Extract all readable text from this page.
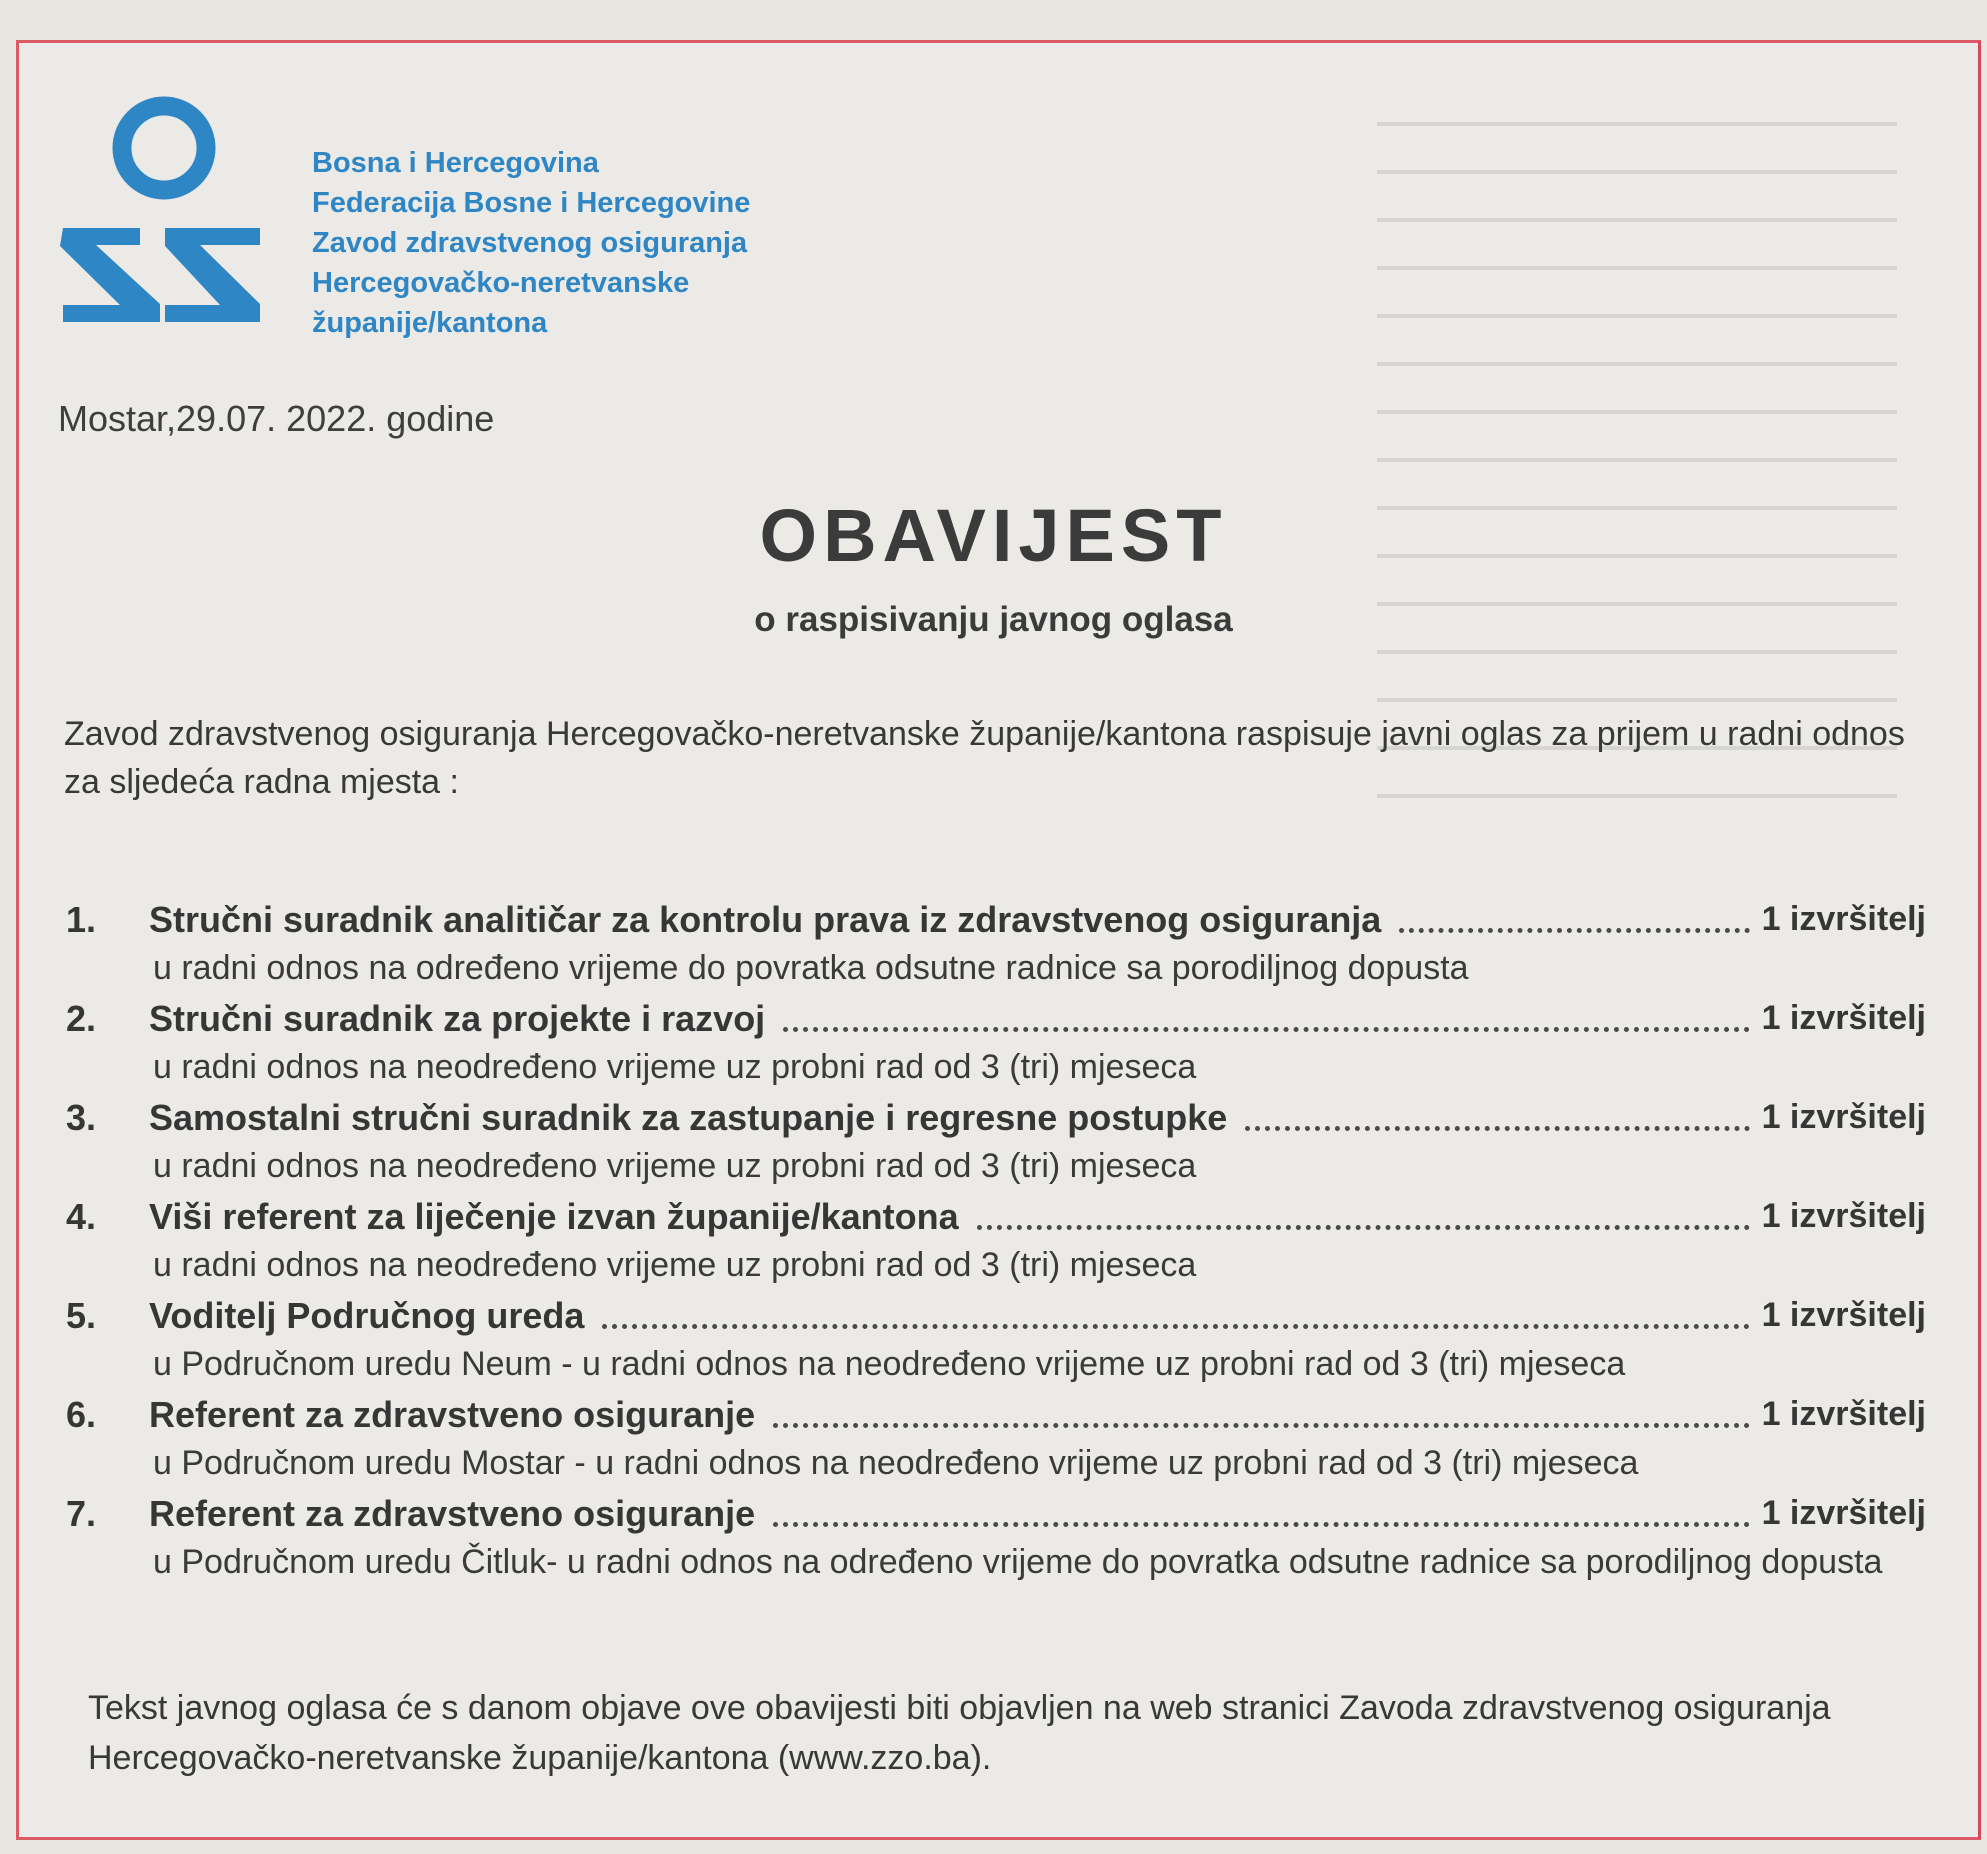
Bosna i Hercegovina
Federacija Bosne i Hercegovine
Zavod zdravstvenog osiguranja
Hercegovačko-neretvanske
županije/kantona
Mostar,29.07. 2022. godine
OBAVIJEST
o raspisivanju javnog oglasa
Zavod zdravstvenog osiguranja Hercegovačko-neretvanske županije/kantona raspisuje javni oglas za prijem u radni odnos za sljedeća radna mjesta :
1.	Stručni suradnik analitičar za kontrolu prava iz zdravstvenog osiguranja	1 izvršitelj
u radni odnos na određeno vrijeme do povratka odsutne radnice sa porodiljnog dopusta
2.	Stručni suradnik za projekte i razvoj	1 izvršitelj
u radni odnos na neodređeno vrijeme uz probni rad od 3 (tri) mjeseca
3.	Samostalni stručni suradnik za zastupanje i regresne postupke	1 izvršitelj
u radni odnos na neodređeno vrijeme uz probni rad od 3 (tri) mjeseca
4.	Viši referent za liječenje izvan županije/kantona	1 izvršitelj
u radni odnos na neodređeno vrijeme uz probni rad od 3 (tri) mjeseca
5.	Voditelj Područnog ureda	1 izvršitelj
u Područnom uredu Neum - u radni odnos na neodređeno vrijeme uz probni rad od 3 (tri) mjeseca
6.	Referent za zdravstveno osiguranje	1 izvršitelj
u Područnom uredu Mostar - u radni odnos na neodređeno vrijeme uz probni rad od 3 (tri) mjeseca
7.	Referent za zdravstveno osiguranje	1 izvršitelj
u Područnom uredu Čitluk- u radni odnos na određeno vrijeme do povratka odsutne radnice sa porodiljnog dopusta
Tekst javnog oglasa će s danom objave ove obavijesti biti objavljen na web stranici Zavoda zdravstvenog osiguranja Hercegovačko-neretvanske županije/kantona (www.zzo.ba).
